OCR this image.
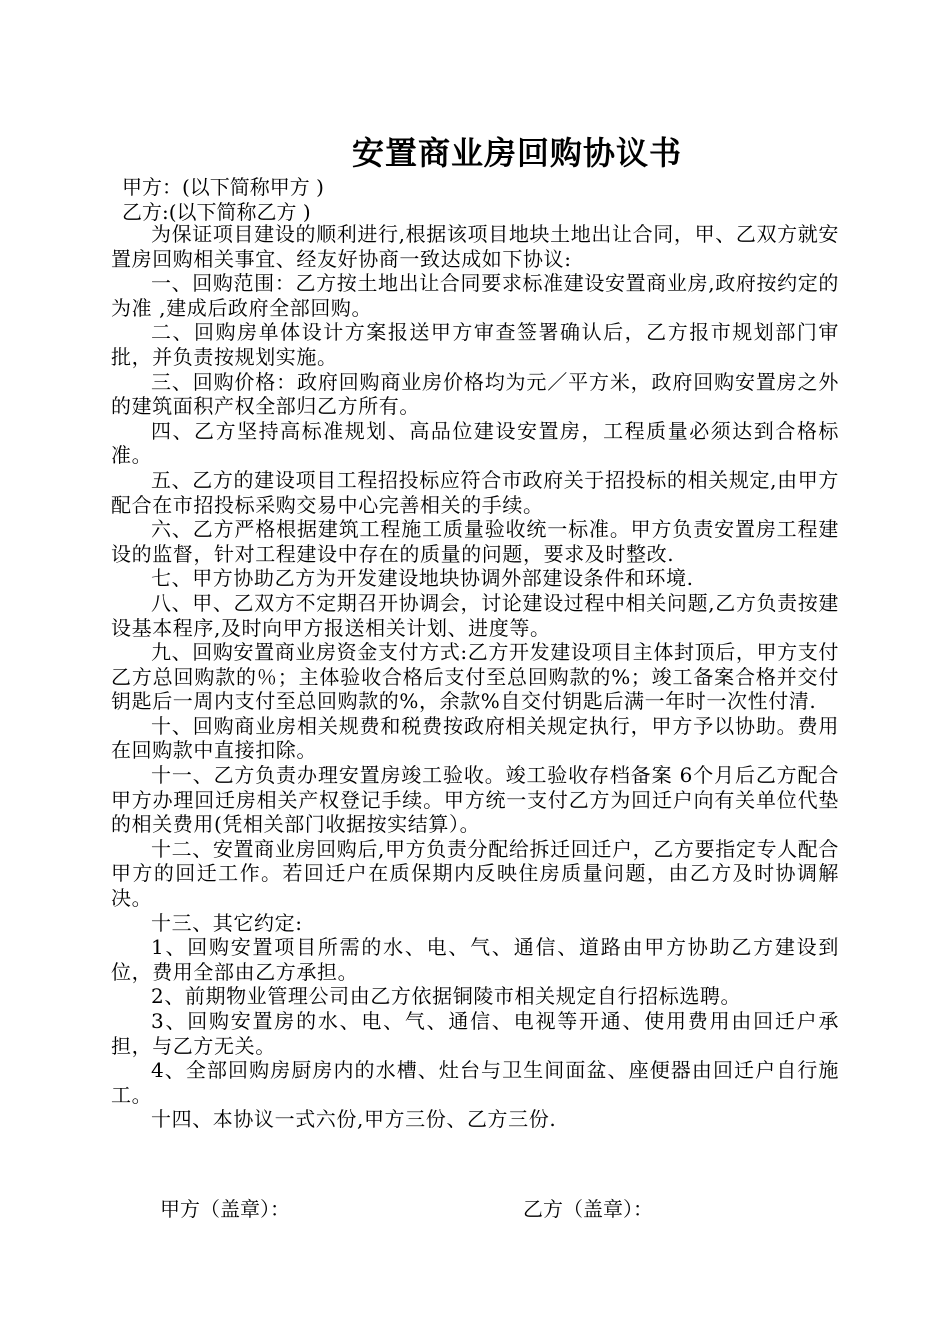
安置商业房回购协议书
甲方：(以下简称甲方 )
乙方:(以下简称乙方 )

为保证项目建设的顺利进行,根据该项目地块土地出让合同，甲、乙双方就安置房回购相关事宜、经友好协商一致达成如下协议:

一、回购范围：乙方按土地出让合同要求标准建设安置商业房,政府按约定的为准 ,建成后政府全部回购。

二、回购房单体设计方案报送甲方审查签署确认后，乙方报市规划部门审批，并负责按规划实施。

三、回购价格：政府回购商业房价格均为元／平方米，政府回购安置房之外的建筑面积产权全部归乙方所有。

四、乙方坚持高标准规划、高品位建设安置房，工程质量必须达到合格标准。

五、乙方的建设项目工程招投标应符合市政府关于招投标的相关规定,由甲方配合在市招投标采购交易中心完善相关的手续。

六、乙方严格根据建筑工程施工质量验收统一标准。甲方负责安置房工程建设的监督，针对工程建设中存在的质量的问题，要求及时整改.

七、甲方协助乙方为开发建设地块协调外部建设条件和环境.

八、甲、乙双方不定期召开协调会，讨论建设过程中相关问题,乙方负责按建设基本程序,及时向甲方报送相关计划、进度等。

九、回购安置商业房资金支付方式:乙方开发建设项目主体封顶后，甲方支付乙方总回购款的％；主体验收合格后支付至总回购款的%；竣工备案合格并交付钥匙后一周内支付至总回购款的%，余款%自交付钥匙后满一年时一次性付清.

十、回购商业房相关规费和税费按政府相关规定执行，甲方予以协助。费用在回购款中直接扣除。

十一、乙方负责办理安置房竣工验收。竣工验收存档备案 6个月后乙方配合甲方办理回迁房相关产权登记手续。甲方统一支付乙方为回迁户向有关单位代垫的相关费用(凭相关部门收据按实结算）。

十二、安置商业房回购后,甲方负责分配给拆迁回迁户，乙方要指定专人配合甲方的回迁工作。若回迁户在质保期内反映住房质量问题，由乙方及时协调解决。

十三、其它约定:

1、回购安置项目所需的水、电、气、通信、道路由甲方协助乙方建设到位，费用全部由乙方承担。

2、前期物业管理公司由乙方依据铜陵市相关规定自行招标选聘。

3、回购安置房的水、电、气、通信、电视等开通、使用费用由回迁户承担，与乙方无关。

4、全部回购房厨房内的水槽、灶台与卫生间面盆、座便器由回迁户自行施工。

十四、本协议一式六份,甲方三份、乙方三份.

甲方（盖章）：	乙方（盖章）：
